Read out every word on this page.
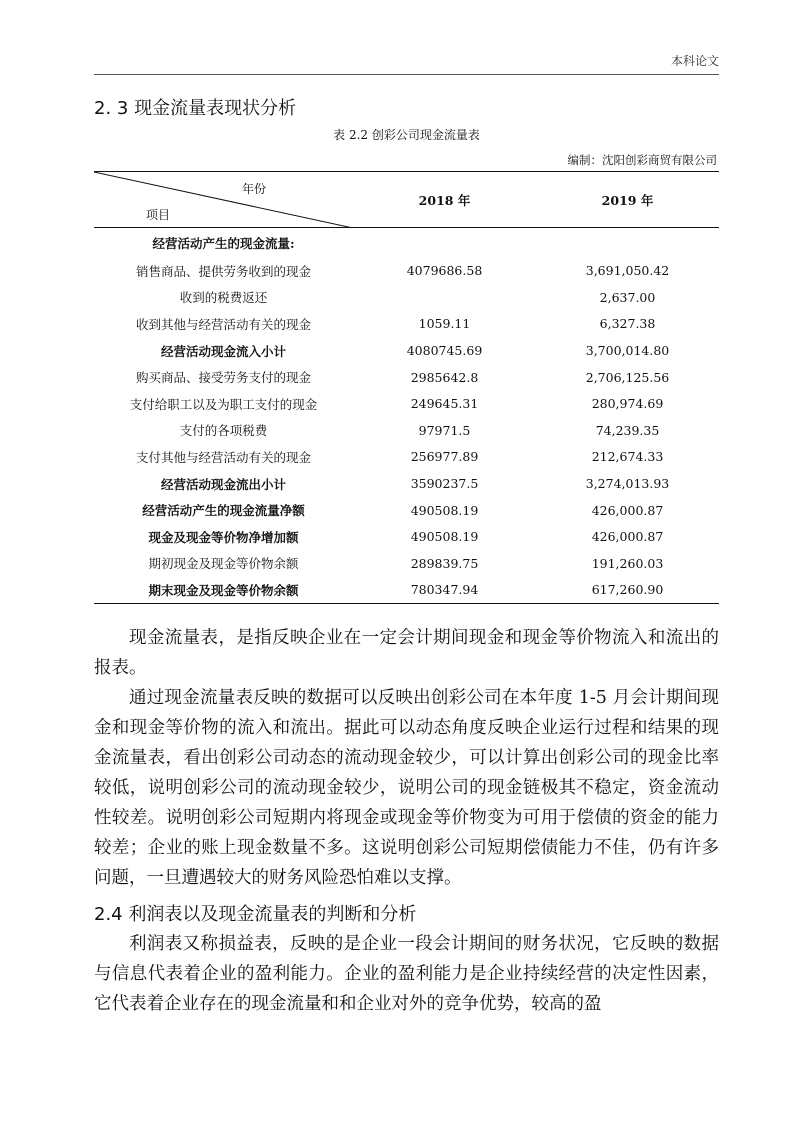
本科论文
2. 3 现金流量表现状分析
表 2.2 创彩公司现金流量表
编制：沈阳创彩商贸有限公司
年份
项目	2018 年	2019 年
经营活动产生的现金流量:		
销售商品、提供劳务收到的现金	4079686.58	3,691,050.42
收到的税费返还		2,637.00
收到其他与经营活动有关的现金	1059.11	6,327.38
经营活动现金流入小计	4080745.69	3,700,014.80
购买商品、接受劳务支付的现金	2985642.8	2,706,125.56
支付给职工以及为职工支付的现金	249645.31	280,974.69
支付的各项税费	97971.5	74,239.35
支付其他与经营活动有关的现金	256977.89	212,674.33
经营活动现金流出小计	3590237.5	3,274,013.93
经营活动产生的现金流量净额	490508.19	426,000.87
现金及现金等价物净增加额	490508.19	426,000.87
期初现金及现金等价物余额	289839.75	191,260.03
期末现金及现金等价物余额	780347.94	617,260.90

现金流量表，是指反映企业在一定会计期间现金和现金等价物流入和流出的报表。

通过现金流量表反映的数据可以反映出创彩公司在本年度 1-5 月会计期间现金和现金等价物的流入和流出。据此可以动态角度反映企业运行过程和结果的现金流量表，看出创彩公司动态的流动现金较少，可以计算出创彩公司的现金比率较低，说明创彩公司的流动现金较少，说明公司的现金链极其不稳定，资金流动性较差。说明创彩公司短期内将现金或现金等价物变为可用于偿债的资金的能力较差；企业的账上现金数量不多。这说明创彩公司短期偿债能力不佳，仍有许多问题，一旦遭遇较大的财务风险恐怕难以支撑。

2.4 利润表以及现金流量表的判断和分析

利润表又称损益表，反映的是企业一段会计期间的财务状况，它反映的数据与信息代表着企业的盈利能力。企业的盈利能力是企业持续经营的决定性因素，它代表着企业存在的现金流量和和企业对外的竞争优势，较高的盈
